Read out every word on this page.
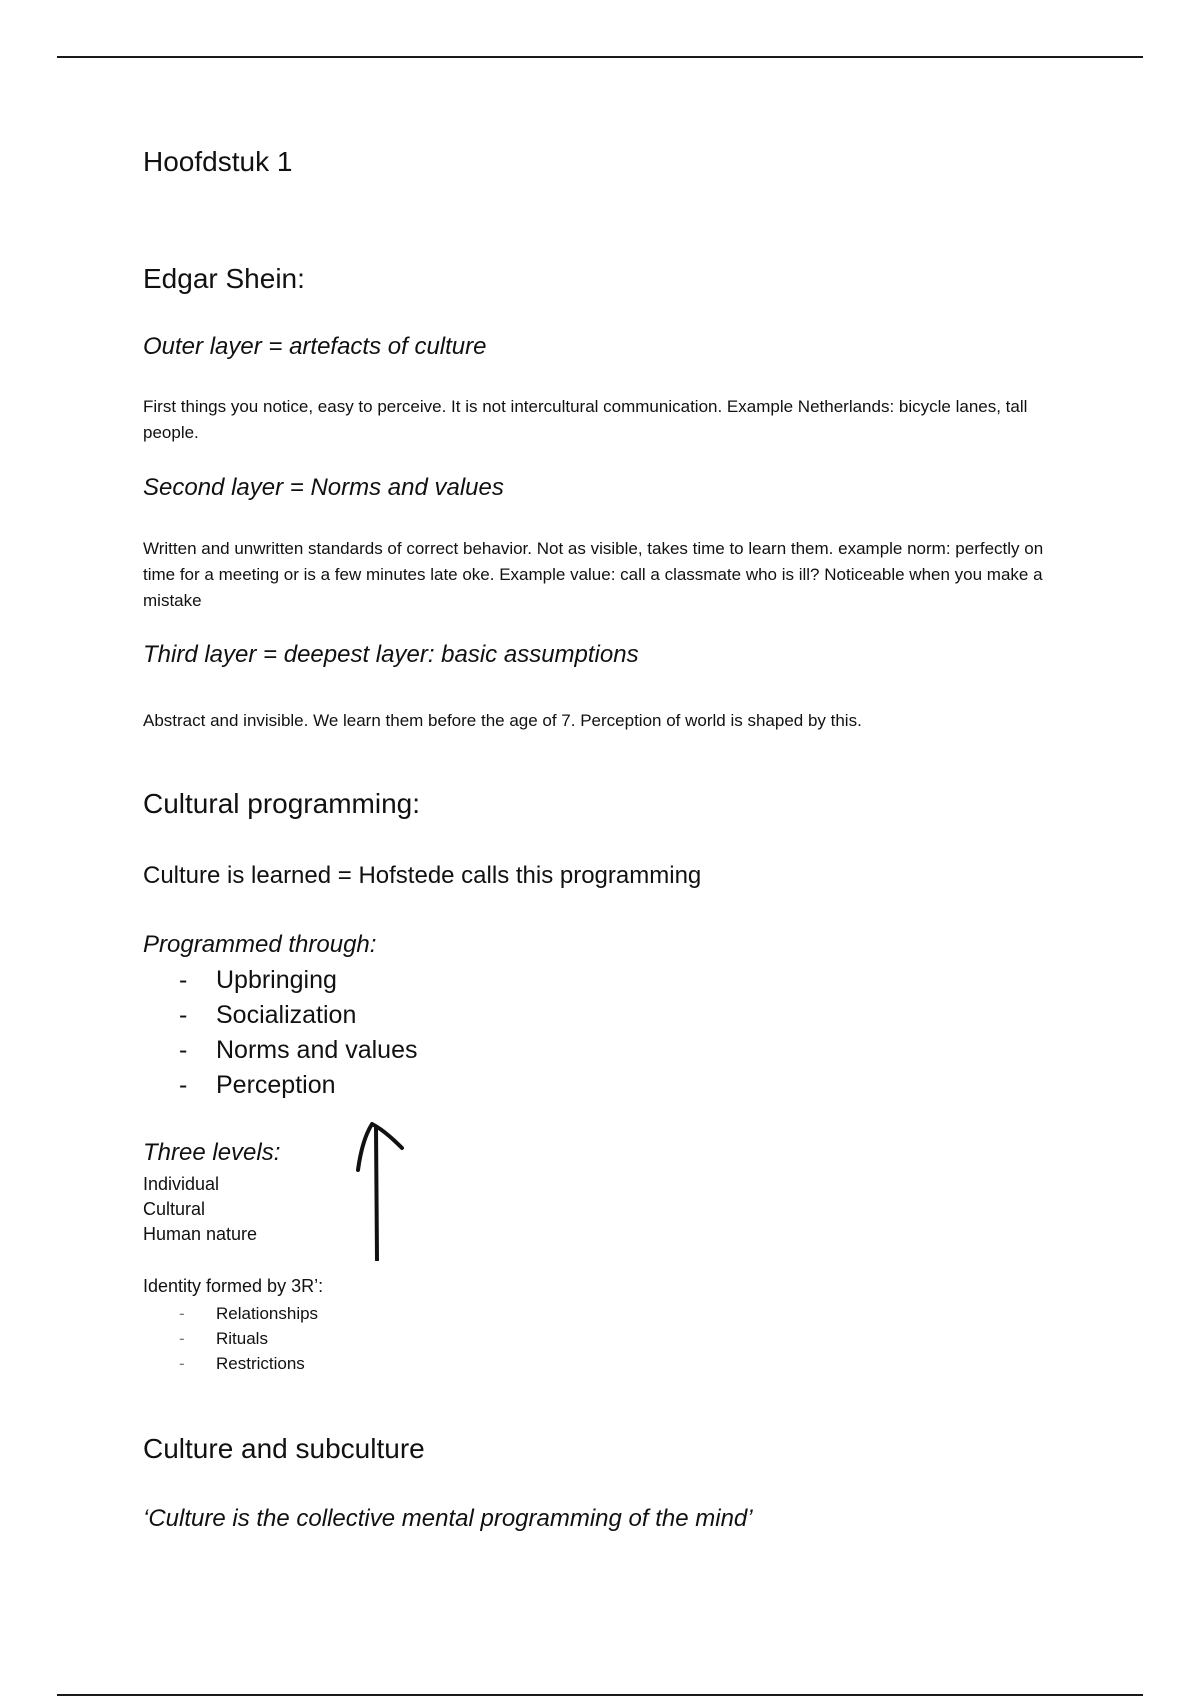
Hoofdstuk 1

Edgar Shein:

Outer layer = artefacts of culture

First things you notice, easy to perceive. It is not intercultural communication. Example Netherlands: bicycle lanes, tall people.

Second layer = Norms and values

Written and unwritten standards of correct behavior. Not as visible, takes time to learn them. example norm: perfectly on time for a meeting or is a few minutes late oke. Example value: call a classmate who is ill? Noticeable when you make a mistake

Third layer = deepest layer: basic assumptions

Abstract and invisible. We learn them before the age of 7. Perception of world is shaped by this.

Cultural programming:

Culture is learned = Hofstede calls this programming

Programmed through:

- Upbringing
- Socialization
- Norms and values
- Perception

Three levels:

Individual
Cultural
Human nature

Identity formed by 3R’:

- Relationships
- Rituals
- Restrictions

Culture and subculture

‘Culture is the collective mental programming of the mind’
